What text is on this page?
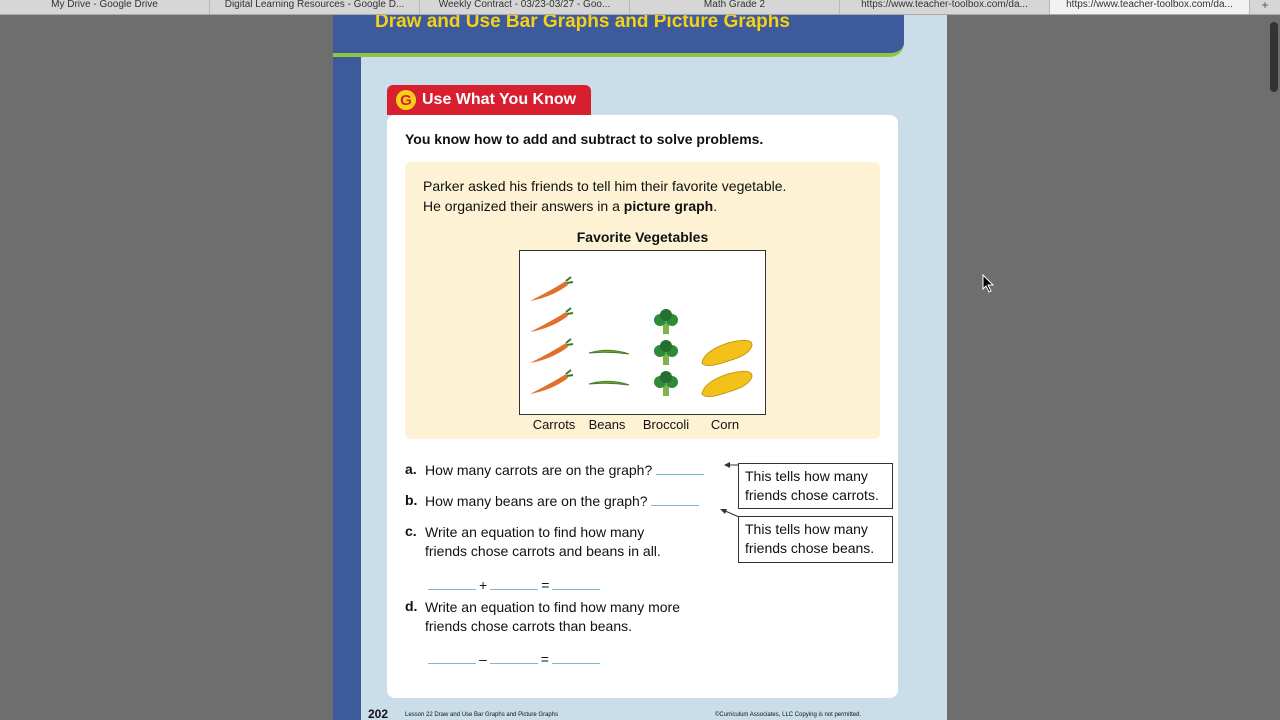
My Drive - Google Drive	Digital Learning Resources - Google D...	Weekly Contract - 03/23-03/27 - Goo...	Math Grade 2	https://www.teacher-toolbox.com/da...	https://www.teacher-toolbox.com/da...	+
Draw and Use Bar Graphs and Picture Graphs
G Use What You Know
You know how to add and subtract to solve problems.
Parker asked his friends to tell him their favorite vegetable.
He organized their answers in a picture graph.
Favorite Vegetables
Carrots	Beans	Broccoli	Corn
a. How many carrots are on the graph?
b. How many beans are on the graph?
c. Write an equation to find how many
friends chose carrots and beans in all.
+	=
d. Write an equation to find how many more
friends chose carrots than beans.
–	=
This tells how many
friends chose carrots.
This tells how many
friends chose beans.
202	Lesson 22 Draw and Use Bar Graphs and Picture Graphs	©Curriculum Associates, LLC Copying is not permitted.
